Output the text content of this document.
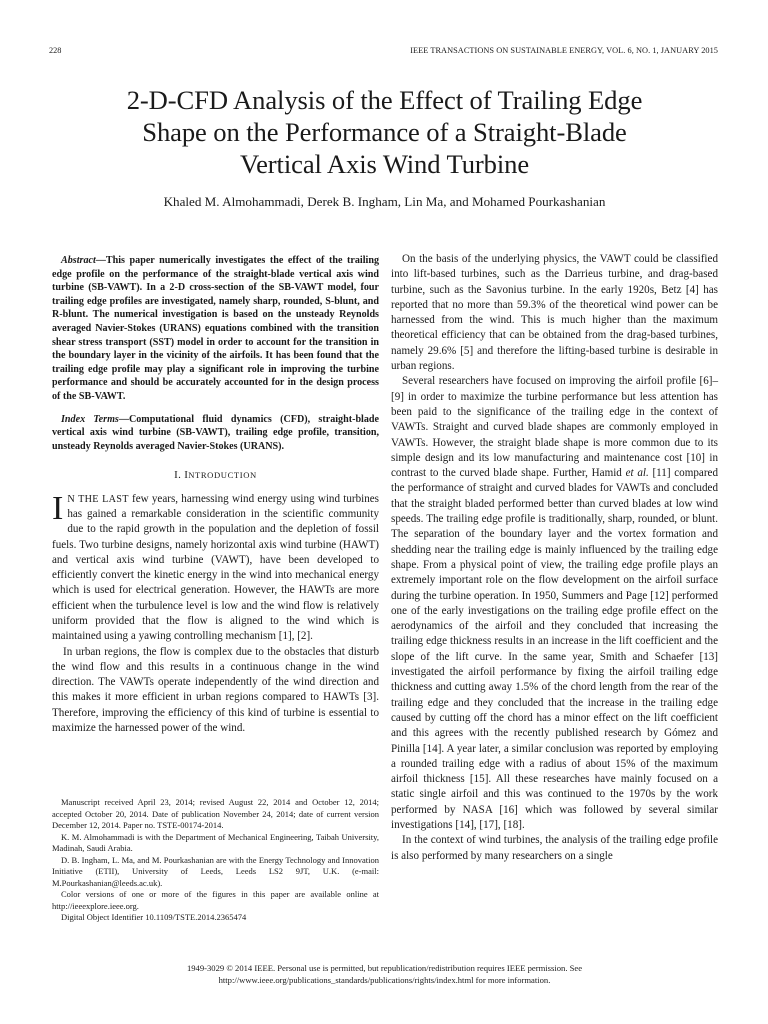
228	IEEE TRANSACTIONS ON SUSTAINABLE ENERGY, VOL. 6, NO. 1, JANUARY 2015
2-D-CFD Analysis of the Effect of Trailing Edge
Shape on the Performance of a Straight-Blade
Vertical Axis Wind Turbine
Khaled M. Almohammadi, Derek B. Ingham, Lin Ma, and Mohamed Pourkashanian

Abstract—This paper numerically investigates the effect of the trailing edge profile on the performance of the straight-blade vertical axis wind turbine (SB-VAWT). In a 2-D cross-section of the SB-VAWT model, four trailing edge profiles are investigated, namely sharp, rounded, S-blunt, and R-blunt. The numerical investigation is based on the unsteady Reynolds averaged Navier-Stokes (URANS) equations combined with the transition shear stress transport (SST) model in order to account for the transition in the boundary layer in the vicinity of the airfoils. It has been found that the trailing edge profile may play a significant role in improving the turbine performance and should be accurately accounted for in the design process of the SB-VAWT.

Index Terms—Computational fluid dynamics (CFD), straight-blade vertical axis wind turbine (SB-VAWT), trailing edge profile, transition, unsteady Reynolds averaged Navier-Stokes (URANS).

I. INTRODUCTION

I N THE LAST few years, harnessing wind energy using wind turbines has gained a remarkable consideration in the scientific community due to the rapid growth in the population and the depletion of fossil fuels. Two turbine designs, namely horizontal axis wind turbine (HAWT) and vertical axis wind turbine (VAWT), have been developed to efficiently convert the kinetic energy in the wind into mechanical energy which is used for electrical generation. However, the HAWTs are more efficient when the turbulence level is low and the wind flow is relatively uniform provided that the flow is aligned to the wind which is maintained using a yawing controlling mechanism [1], [2].

In urban regions, the flow is complex due to the obstacles that disturb the wind flow and this results in a continuous change in the wind direction. The VAWTs operate independently of the wind direction and this makes it more efficient in urban regions compared to HAWTs [3]. Therefore, improving the efficiency of this kind of turbine is essential to maximize the harnessed power of the wind.

Manuscript received April 23, 2014; revised August 22, 2014 and October 12, 2014; accepted October 20, 2014. Date of publication November 24, 2014; date of current version December 12, 2014. Paper no. TSTE-00174-2014.

K. M. Almohammadi is with the Department of Mechanical Engineering, Taibah University, Madinah, Saudi Arabia.

D. B. Ingham, L. Ma, and M. Pourkashanian are with the Energy Technology and Innovation Initiative (ETII), University of Leeds, Leeds LS2 9JT, U.K. (e-mail: M.Pourkashanian@leeds.ac.uk).

Color versions of one or more of the figures in this paper are available online at http://ieeexplore.ieee.org.

Digital Object Identifier 10.1109/TSTE.2014.2365474

On the basis of the underlying physics, the VAWT could be classified into lift-based turbines, such as the Darrieus turbine, and drag-based turbine, such as the Savonius turbine. In the early 1920s, Betz [4] has reported that no more than 59.3% of the theoretical wind power can be harnessed from the wind. This is much higher than the maximum theoretical efficiency that can be obtained from the drag-based turbines, namely 29.6% [5] and therefore the lifting-based turbine is desirable in urban regions.

Several researchers have focused on improving the airfoil profile [6]–[9] in order to maximize the turbine performance but less attention has been paid to the significance of the trailing edge in the context of VAWTs. Straight and curved blade shapes are commonly employed in VAWTs. However, the straight blade shape is more common due to its simple design and its low manufacturing and maintenance cost [10] in contrast to the curved blade shape. Further, Hamid et al. [11] compared the performance of straight and curved blades for VAWTs and concluded that the straight bladed performed better than curved blades at low wind speeds. The trailing edge profile is traditionally, sharp, rounded, or blunt. The separation of the boundary layer and the vortex formation and shedding near the trailing edge is mainly influenced by the trailing edge shape. From a physical point of view, the trailing edge profile plays an extremely important role on the flow development on the airfoil surface during the turbine operation. In 1950, Summers and Page [12] performed one of the early investigations on the trailing edge profile effect on the aerodynamics of the airfoil and they concluded that increasing the trailing edge thickness results in an increase in the lift coefficient and the slope of the lift curve. In the same year, Smith and Schaefer [13] investigated the airfoil performance by fixing the airfoil trailing edge thickness and cutting away 1.5% of the chord length from the rear of the trailing edge and they concluded that the increase in the trailing edge caused by cutting off the chord has a minor effect on the lift coefficient and this agrees with the recently published research by Gómez and Pinilla [14]. A year later, a similar conclusion was reported by employing a rounded trailing edge with a radius of about 15% of the maximum airfoil thickness [15]. All these researches have mainly focused on a static single airfoil and this was continued to the 1970s by the work performed by NASA [16] which was followed by several similar investigations [14], [17], [18].

In the context of wind turbines, the analysis of the trailing edge profile is also performed by many researchers on a single

1949-3029 © 2014 IEEE. Personal use is permitted, but republication/redistribution requires IEEE permission. See
http://www.ieee.org/publications_standards/publications/rights/index.html for more information.
